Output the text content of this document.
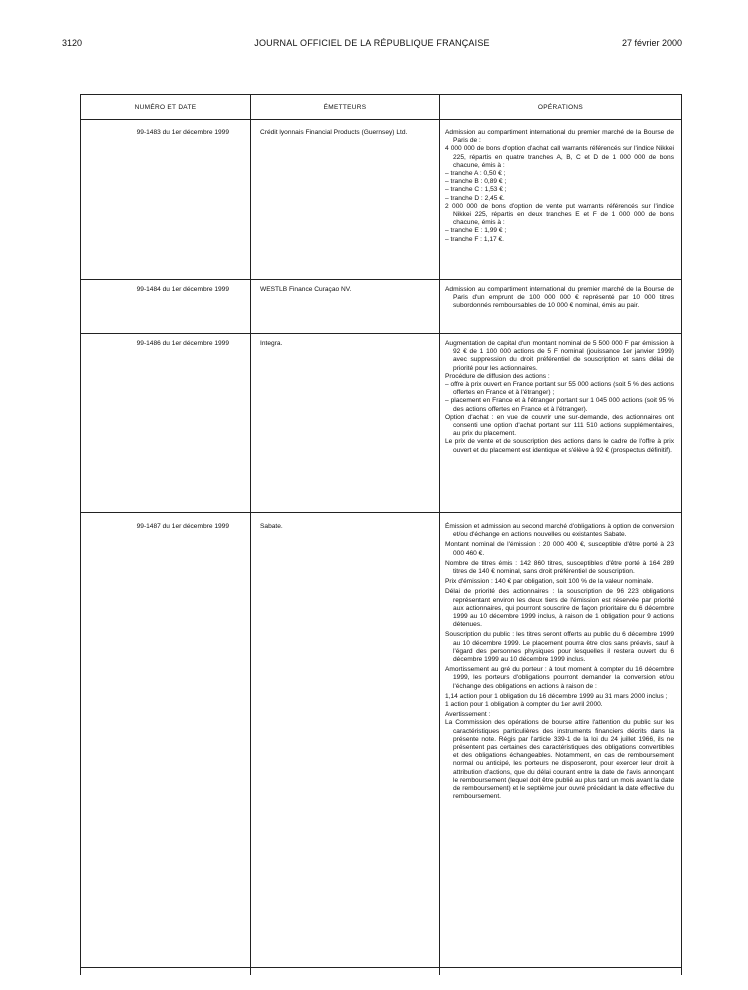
3120	JOURNAL OFFICIEL DE LA RÉPUBLIQUE FRANÇAISE	27 février 2000
NUMÉRO ET DATE	ÉMETTEURS	OPÉRATIONS
99-1483 du 1er décembre 1999	Crédit lyonnais Financial Products (Guernsey) Ltd.	Admission au compartiment international du premier marché de la Bourse de Paris de :

4 000 000 de bons d'option d'achat call warrants référencés sur l'indice Nikkei 225, répartis en quatre tranches A, B, C et D de 1 000 000 de bons chacune, émis à :

– tranche A : 0,50 € ;

– tranche B : 0,89 € ;

– tranche C : 1,53 € ;

– tranche D : 2,45 €.

2 000 000 de bons d'option de vente put warrants référencés sur l'indice Nikkei 225, répartis en deux tranches E et F de 1 000 000 de bons chacune, émis à :

– tranche E : 1,99 € ;

– tranche F : 1,17 €.

99-1484 du 1er décembre 1999	WESTLB Finance Curaçao NV.	Admission au compartiment international du premier marché de la Bourse de Paris d'un emprunt de 100 000 000 € représenté par 10 000 titres subordonnés remboursables de 10 000 € nominal, émis au pair.

99-1486 du 1er décembre 1999	Integra.	Augmentation de capital d'un montant nominal de 5 500 000 F par émission à 92 € de 1 100 000 actions de 5 F nominal (jouissance 1er janvier 1999) avec suppression du droit préférentiel de souscription et sans délai de priorité pour les actionnaires.

Procédure de diffusion des actions :

– offre à prix ouvert en France portant sur 55 000 actions (soit 5 % des actions offertes en France et à l'étranger) ;

– placement en France et à l'étranger portant sur 1 045 000 actions (soit 95 % des actions offertes en France et à l'étranger).

Option d'achat : en vue de couvrir une sur-demande, des actionnaires ont consenti une option d'achat portant sur 111 510 actions supplémentaires, au prix du placement.

Le prix de vente et de souscription des actions dans le cadre de l'offre à prix ouvert et du placement est identique et s'élève à 92 € (prospectus définitif).

99-1487 du 1er décembre 1999	Sabate.	Émission et admission au second marché d'obligations à option de conversion et/ou d'échange en actions nouvelles ou existantes Sabate.

Montant nominal de l'émission : 20 000 400 €, susceptible d'être porté à 23 000 460 €.

Nombre de titres émis : 142 860 titres, susceptibles d'être porté à 164 289 titres de 140 € nominal, sans droit préférentiel de souscription.

Prix d'émission : 140 € par obligation, soit 100 % de la valeur nominale.

Délai de priorité des actionnaires : la souscription de 96 223 obligations représentant environ les deux tiers de l'émission est réservée par priorité aux actionnaires, qui pourront souscrire de façon prioritaire du 6 décembre 1999 au 10 décembre 1999 inclus, à raison de 1 obligation pour 9 actions détenues.

Souscription du public : les titres seront offerts au public du 6 décembre 1999 au 10 décembre 1999. Le placement pourra être clos sans préavis, sauf à l'égard des personnes physiques pour lesquelles il restera ouvert du 6 décembre 1999 au 10 décembre 1999 inclus.

Amortissement au gré du porteur : à tout moment à compter du 16 décembre 1999, les porteurs d'obligations pourront demander la conversion et/ou l'échange des obligations en actions à raison de :

1,14 action pour 1 obligation du 16 décembre 1999 au 31 mars 2000 inclus ;

1 action pour 1 obligation à compter du 1er avril 2000.

Avertissement :

La Commission des opérations de bourse attire l'attention du public sur les caractéristiques particulières des instruments financiers décrits dans la présente note. Régis par l'article 339-1 de la loi du 24 juillet 1966, ils ne présentent pas certaines des caractéristiques des obligations convertibles et des obligations échangeables. Notamment, en cas de remboursement normal ou anticipé, les porteurs ne disposeront, pour exercer leur droit à attribution d'actions, que du délai courant entre la date de l'avis annonçant le remboursement (lequel doit être publié au plus tard un mois avant la date de remboursement) et le septième jour ouvré précédant la date effective du remboursement.
